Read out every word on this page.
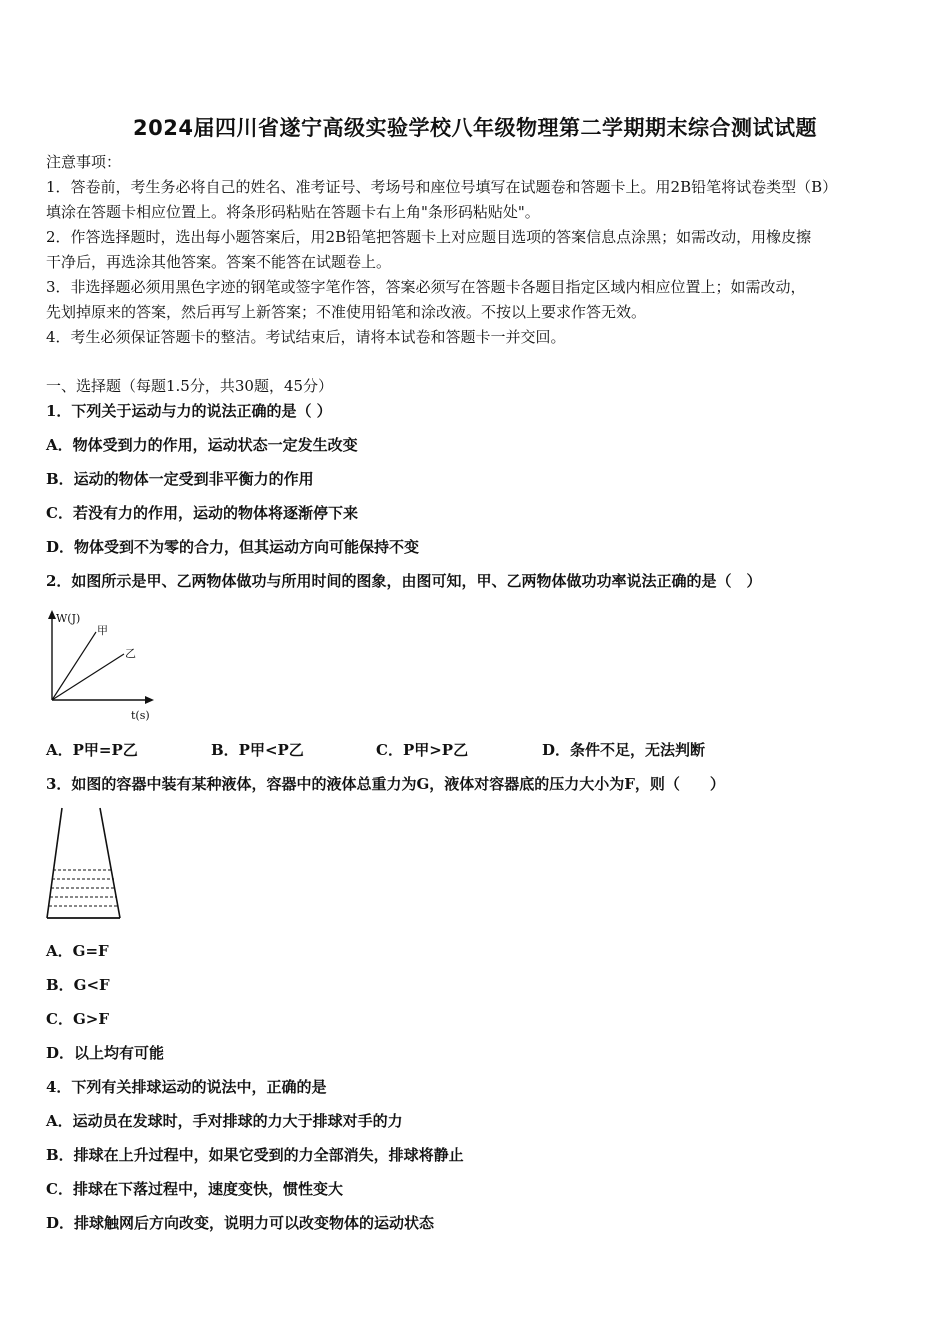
2024届四川省遂宁高级实验学校八年级物理第二学期期末综合测试试题
注意事项：
1．答卷前，考生务必将自己的姓名、准考证号、考场号和座位号填写在试题卷和答题卡上。用2B铅笔将试卷类型（B）
填涂在答题卡相应位置上。将条形码粘贴在答题卡右上角"条形码粘贴处"。
2．作答选择题时，选出每小题答案后，用2B铅笔把答题卡上对应题目选项的答案信息点涂黑；如需改动，用橡皮擦
干净后，再选涂其他答案。答案不能答在试题卷上。
3．非选择题必须用黑色字迹的钢笔或签字笔作答，答案必须写在答题卡各题目指定区域内相应位置上；如需改动，
先划掉原来的答案，然后再写上新答案；不准使用铅笔和涂改液。不按以上要求作答无效。
4．考生必须保证答题卡的整洁。考试结束后，请将本试卷和答题卡一并交回。
一、选择题（每题1.5分，共30题，45分）
1．下列关于运动与力的说法正确的是（ ）
A．物体受到力的作用，运动状态一定发生改变
B．运动的物体一定受到非平衡力的作用
C．若没有力的作用，运动的物体将逐渐停下来
D．物体受到不为零的合力，但其运动方向可能保持不变
2．如图所示是甲、乙两物体做功与所用时间的图象，由图可知，甲、乙两物体做功功率说法正确的是（　）
W(J)
甲
乙
t(s)
A．P甲=P乙	B．P甲<P乙	C．P甲>P乙	D．条件不足，无法判断
3．如图的容器中装有某种液体，容器中的液体总重力为G，液体对容器底的压力大小为F，则（　　）
A．G=F
B．G<F
C．G>F
D．以上均有可能
4．下列有关排球运动的说法中，正确的是
A．运动员在发球时，手对排球的力大于排球对手的力
B．排球在上升过程中，如果它受到的力全部消失，排球将静止
C．排球在下落过程中，速度变快，惯性变大
D．排球触网后方向改变，说明力可以改变物体的运动状态
